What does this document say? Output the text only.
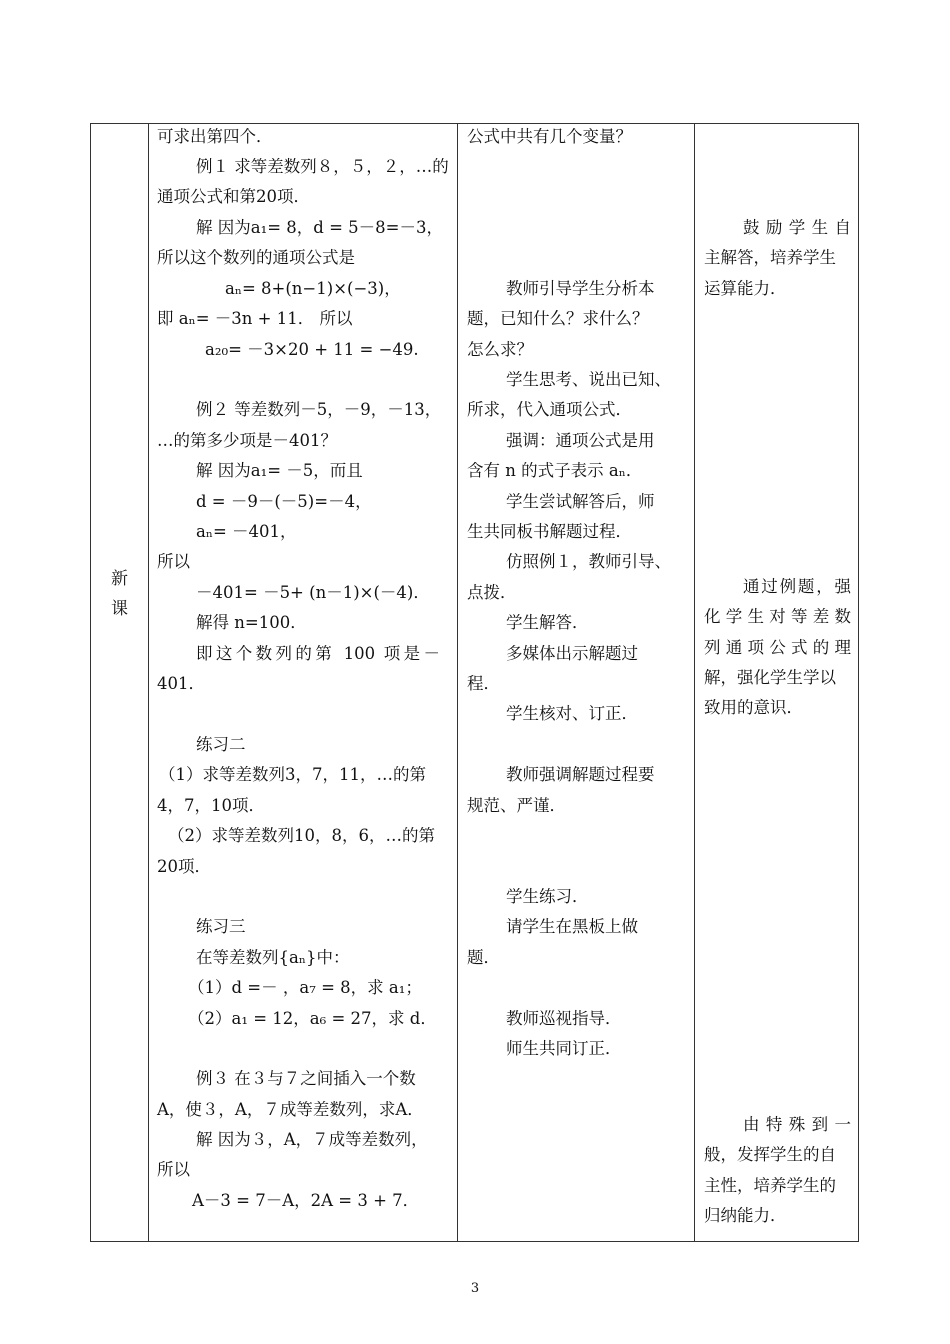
新
课
可求出第四个．
例１ 求等差数列８，５，２，…的
通项公式和第20项．
解 因为a₁= 8，d = 5－8=－3，
所以这个数列的通项公式是
aₙ= 8+(n−1)×(−3)，
即 aₙ= －3n + 11． 所以
a₂₀= －3×20 + 11 = −49.
例２ 等差数列－5，－9，－13，
…的第多少项是－401？
解 因为a₁= －5，而且
d = －9－(－5)=－4，
aₙ= －401，
所以
－401= －5+ (n－1)×(－4)．
解得 n=100．
即这个数列的第 100 项是－
401．
练习二
（1）求等差数列3，7，11，…的第
4，7，10项．
（2）求等差数列10，8，6，…的第
20项．
练习三
在等差数列{aₙ}中：
（1）d =－ ，a₇ = 8，求 a₁；
（2）a₁ = 12，a₆ = 27，求 d．
例３ 在３与７之间插入一个数
A，使３，A，７成等差数列，求A．
解 因为３，A，７成等差数列，
所以
A－3 = 7－A，2A = 3 + 7．
公式中共有几个变量？
教师引导学生分析本
题，已知什么？求什么？
怎么求？
学生思考、说出已知、
所求，代入通项公式．
强调：通项公式是用
含有 n 的式子表示 aₙ．
学生尝试解答后，师
生共同板书解题过程．
仿照例１，教师引导、
点拨．
学生解答．
多媒体出示解题过
程．
学生核对、订正．
教师强调解题过程要
规范、严谨．
学生练习．
请学生在黑板上做
题．
教师巡视指导．
师生共同订正．
鼓励学生自
主解答，培养学生
运算能力．
通过例题，强
化学生对等差数
列通项公式的理
解，强化学生学以
致用的意识．
由特殊到一
般，发挥学生的自
主性，培养学生的
归纳能力．
3
